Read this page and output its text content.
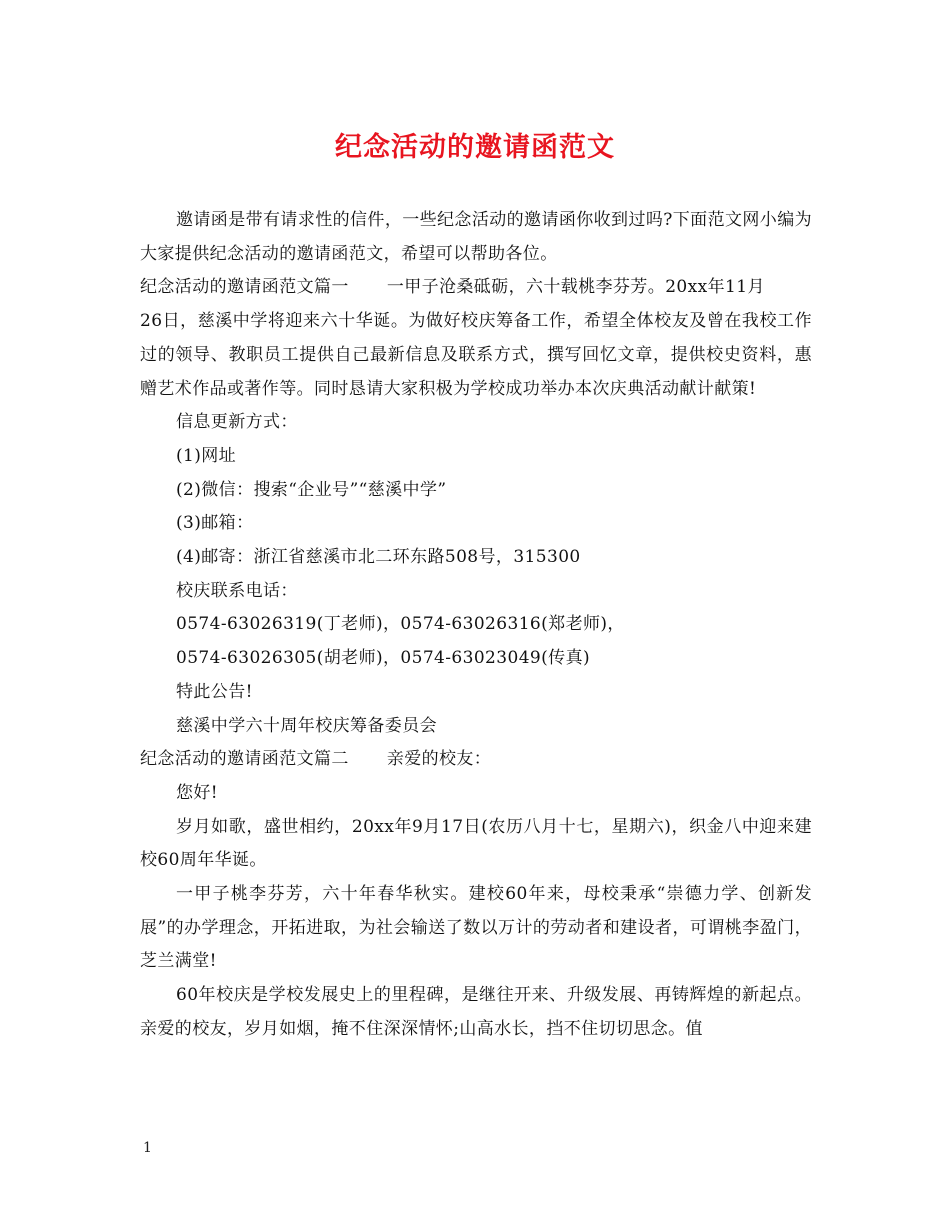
纪念活动的邀请函范文

邀请函是带有请求性的信件，一些纪念活动的邀请函你收到过吗?下面范文网小编为大家提供纪念活动的邀请函范文，希望可以帮助各位。

纪念活动的邀请函范文篇一 一甲子沧桑砥砺，六十载桃李芬芳。20xx年11月

26日，慈溪中学将迎来六十华诞。为做好校庆筹备工作，希望全体校友及曾在我校工作过的领导、教职员工提供自己最新信息及联系方式，撰写回忆文章，提供校史资料，惠赠艺术作品或著作等。同时恳请大家积极为学校成功举办本次庆典活动献计献策!

信息更新方式：

(1)网址

(2)微信：搜索“企业号”“慈溪中学”

(3)邮箱：

(4)邮寄：浙江省慈溪市北二环东路508号，315300

校庆联系电话：

0574-63026319(丁老师)，0574-63026316(郑老师)，

0574-63026305(胡老师)，0574-63023049(传真)

特此公告!

慈溪中学六十周年校庆筹备委员会

纪念活动的邀请函范文篇二 亲爱的校友：

您好!

岁月如歌，盛世相约，20xx年9月17日(农历八月十七，星期六)，织金八中迎来建校60周年华诞。

一甲子桃李芬芳，六十年春华秋实。建校60年来，母校秉承“崇德力学、创新发展”的办学理念，开拓进取，为社会输送了数以万计的劳动者和建设者，可谓桃李盈门，芝兰满堂!

60年校庆是学校发展史上的里程碑，是继往开来、升级发展、再铸辉煌的新起点。亲爱的校友，岁月如烟，掩不住深深情怀;山高水长，挡不住切切思念。值

1
